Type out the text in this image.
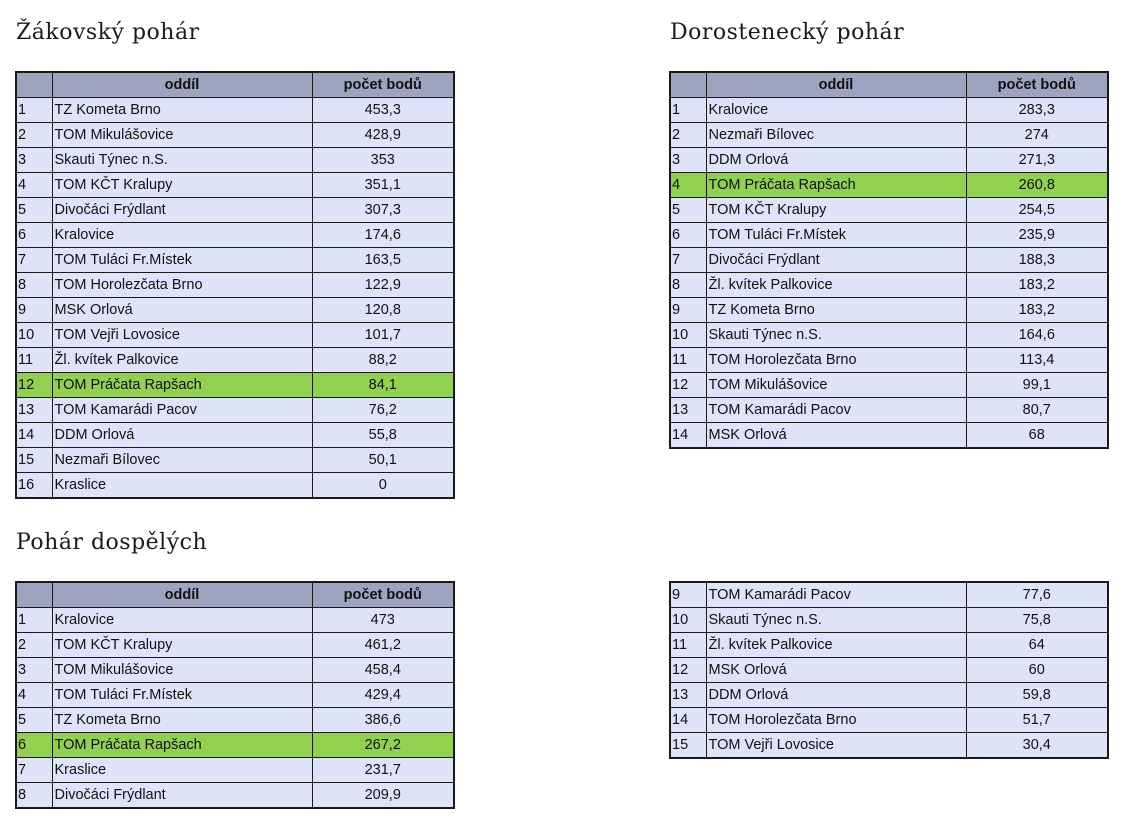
Žákovský pohár
	oddíl	počet bodů
1	TZ Kometa Brno	453,3
2	TOM Mikulášovice	428,9
3	Skauti Týnec n.S.	353
4	TOM KČT Kralupy	351,1
5	Divočáci Frýdlant	307,3
6	Kralovice	174,6
7	TOM Tuláci Fr.Místek	163,5
8	TOM Horolezčata Brno	122,9
9	MSK Orlová	120,8
10	TOM Vejři Lovosice	101,7
11	Žl. kvítek Palkovice	88,2
12	TOM Práčata Rapšach	84,1
13	TOM Kamarádi Pacov	76,2
14	DDM Orlová	55,8
15	Nezmaři Bílovec	50,1
16	Kraslice	0
Dorostenecký pohár
	oddíl	počet bodů
1	Kralovice	283,3
2	Nezmaři Bílovec	274
3	DDM Orlová	271,3
4	TOM Práčata Rapšach	260,8
5	TOM KČT Kralupy	254,5
6	TOM Tuláci Fr.Místek	235,9
7	Divočáci Frýdlant	188,3
8	Žl. kvítek Palkovice	183,2
9	TZ Kometa Brno	183,2
10	Skauti Týnec n.S.	164,6
11	TOM Horolezčata Brno	113,4
12	TOM Mikulášovice	99,1
13	TOM Kamarádi Pacov	80,7
14	MSK Orlová	68
Pohár dospělých
	oddíl	počet bodů
1	Kralovice	473
2	TOM KČT Kralupy	461,2
3	TOM Mikulášovice	458,4
4	TOM Tuláci Fr.Místek	429,4
5	TZ Kometa Brno	386,6
6	TOM Práčata Rapšach	267,2
7	Kraslice	231,7
8	Divočáci Frýdlant	209,9
9	TOM Kamarádi Pacov	77,6
10	Skauti Týnec n.S.	75,8
11	Žl. kvítek Palkovice	64
12	MSK Orlová	60
13	DDM Orlová	59,8
14	TOM Horolezčata Brno	51,7
15	TOM Vejři Lovosice	30,4
